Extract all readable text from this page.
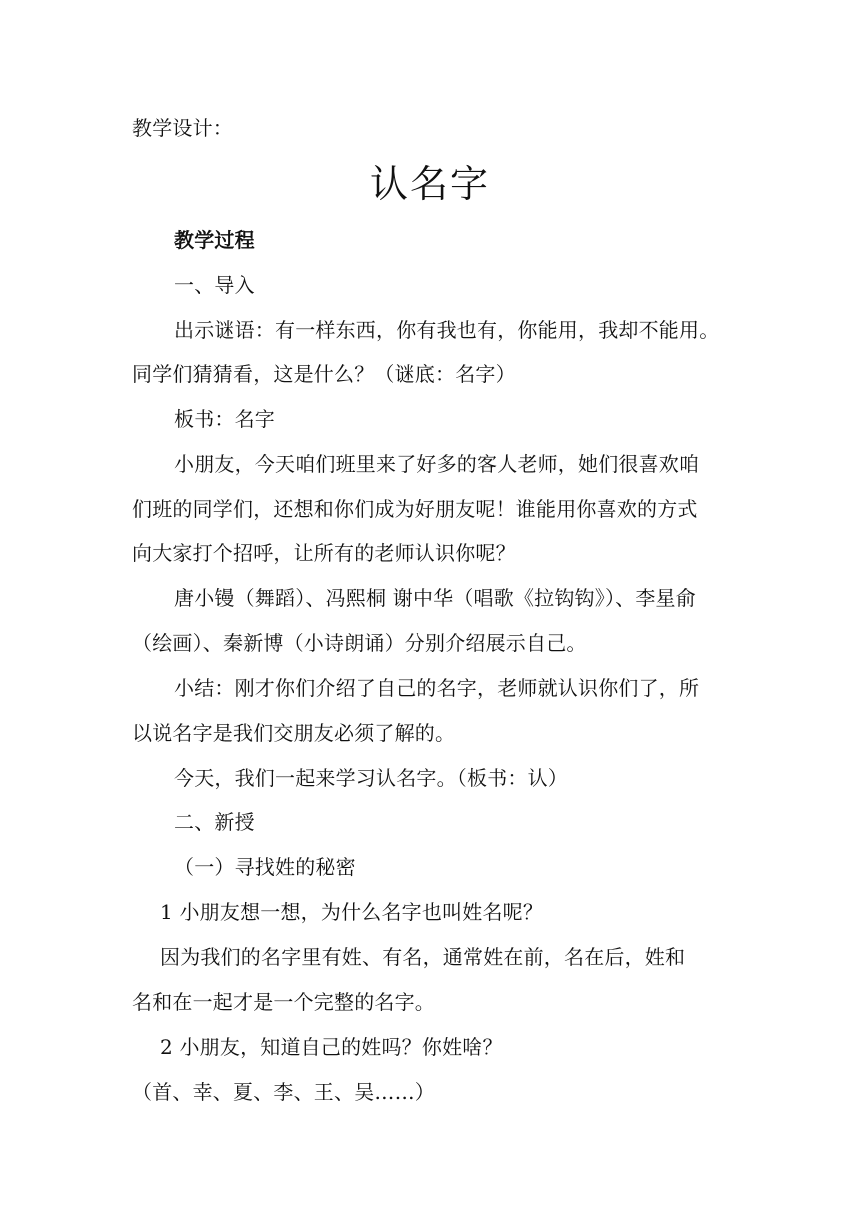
教学设计：
认名字
教学过程
一、导入
出示谜语：有一样东西，你有我也有，你能用，我却不能用。
同学们猜猜看，这是什么？（谜底：名字）
板书：名字
小朋友，今天咱们班里来了好多的客人老师，她们很喜欢咱
们班的同学们，还想和你们成为好朋友呢！谁能用你喜欢的方式
向大家打个招呼，让所有的老师认识你呢？
唐小镘（舞蹈）、冯熙桐 谢中华（唱歌《拉钩钩》）、李星俞
（绘画）、秦新博（小诗朗诵）分别介绍展示自己。
小结：刚才你们介绍了自己的名字，老师就认识你们了，所
以说名字是我们交朋友必须了解的。
今天，我们一起来学习认名字。（板书：认）
二、新授
（一）寻找姓的秘密
1 小朋友想一想，为什么名字也叫姓名呢？
因为我们的名字里有姓、有名，通常姓在前，名在后，姓和
名和在一起才是一个完整的名字。
2 小朋友，知道自己的姓吗？你姓啥？
（首、幸、夏、李、王、吴……）
